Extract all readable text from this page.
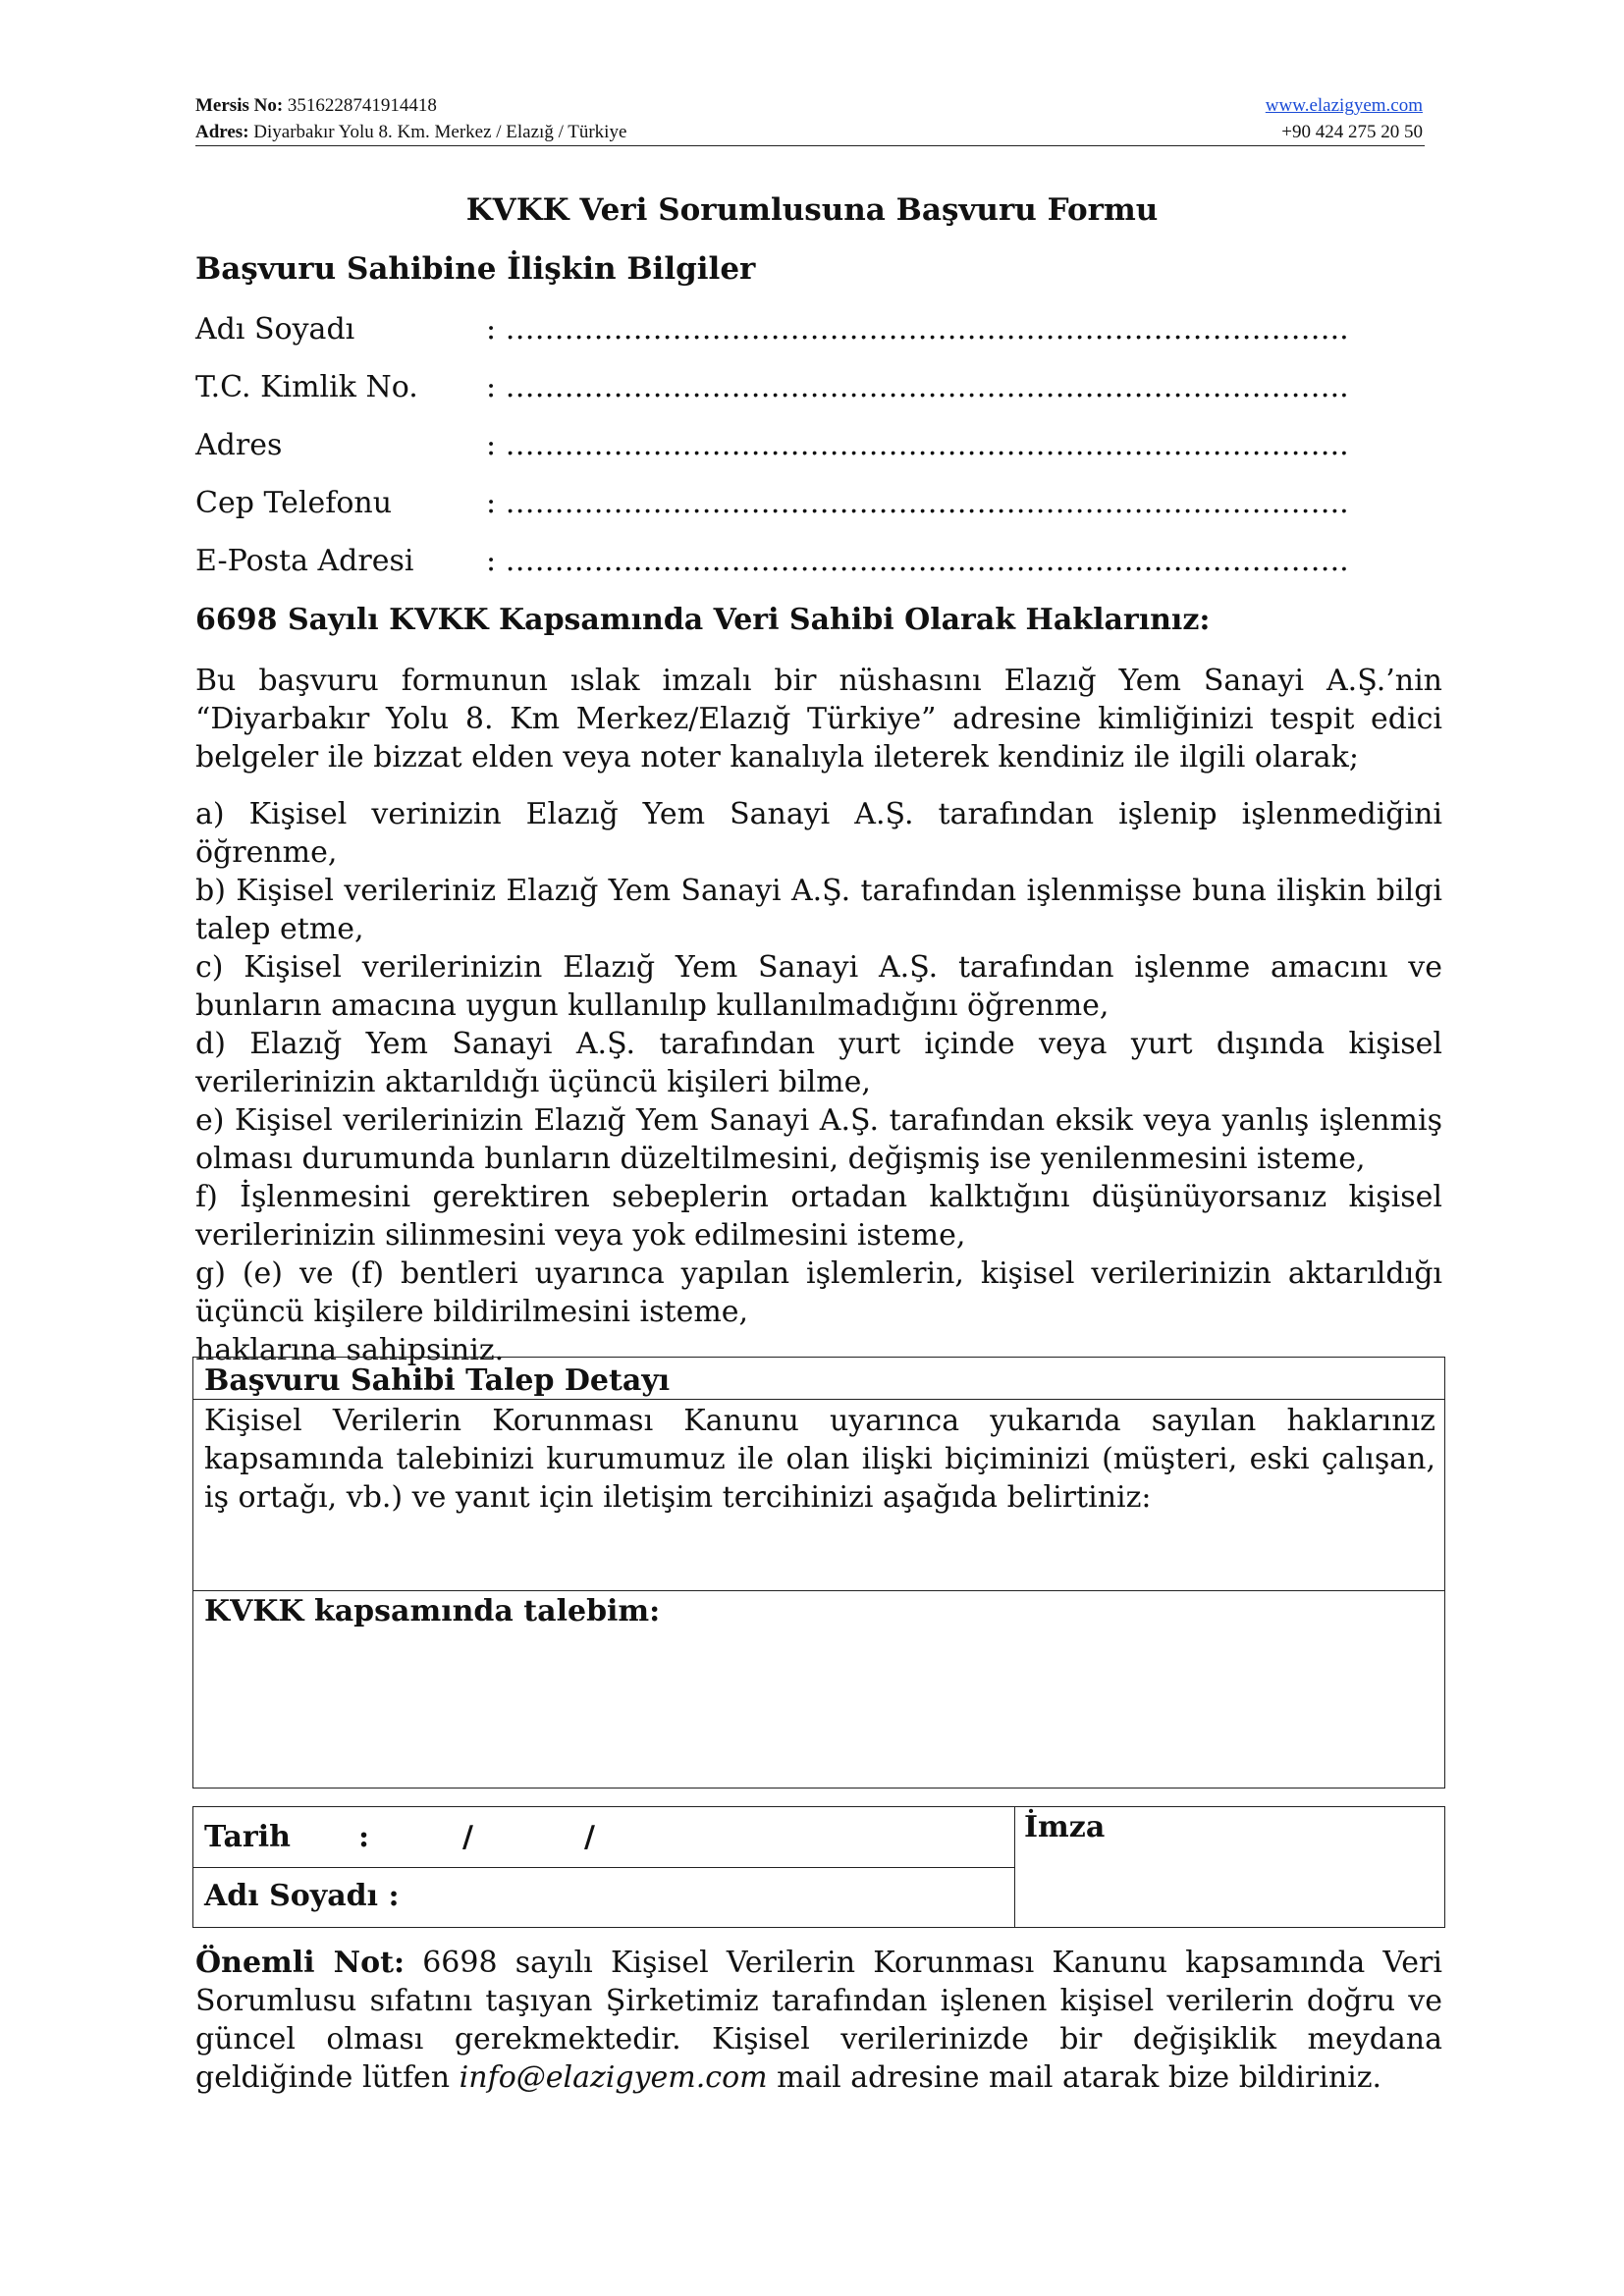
Mersis No: 3516228741914418	www.elazigyem.com
Adres: Diyarbakır Yolu 8. Km. Merkez / Elazığ / Türkiye	+90 424 275 20 50
KVKK Veri Sorumlusuna Başvuru Formu
Başvuru Sahibine İlişkin Bilgiler
Adı Soyadı	: …………………………………………………………………………..
T.C. Kimlik No. : …………………………………………………………………………..
Adres	: …………………………………………………………………………..
Cep Telefonu	: …………………………………………………………………………..
E-Posta Adresi : …………………………………………………………………………..
6698 Sayılı KVKK Kapsamında Veri Sahibi Olarak Haklarınız:

Bu başvuru formunun ıslak imzalı bir nüshasını Elazığ Yem Sanayi A.Ş.’nin “Diyarbakır Yolu 8. Km Merkez/Elazığ Türkiye” adresine kimliğinizi tespit edici belgeler ile bizzat elden veya noter kanalıyla ileterek kendiniz ile ilgili olarak;

a) Kişisel verinizin Elazığ Yem Sanayi A.Ş. tarafından işlenip işlenmediğini öğrenme,
b) Kişisel verileriniz Elazığ Yem Sanayi A.Ş. tarafından işlenmişse buna ilişkin bilgi talep etme,
c) Kişisel verilerinizin Elazığ Yem Sanayi A.Ş. tarafından işlenme amacını ve bunların amacına uygun kullanılıp kullanılmadığını öğrenme,
d) Elazığ Yem Sanayi A.Ş. tarafından yurt içinde veya yurt dışında kişisel verilerinizin aktarıldığı üçüncü kişileri bilme,
e) Kişisel verilerinizin Elazığ Yem Sanayi A.Ş. tarafından eksik veya yanlış işlenmiş olması durumunda bunların düzeltilmesini, değişmiş ise yenilenmesini isteme,
f) İşlenmesini gerektiren sebeplerin ortadan kalktığını düşünüyorsanız kişisel verilerinizin silinmesini veya yok edilmesini isteme,
g) (e) ve (f) bentleri uyarınca yapılan işlemlerin, kişisel verilerinizin aktarıldığı üçüncü kişilere bildirilmesini isteme,
haklarına sahipsiniz.
Başvuru Sahibi Talep Detayı
Kişisel Verilerin Korunması Kanunu uyarınca yukarıda sayılan haklarınız kapsamında talebinizi kurumumuz ile olan ilişki biçiminizi (müşteri, eski çalışan, iş ortağı, vb.) ve yanıt için iletişim tercihinizi aşağıda belirtiniz:
KVKK kapsamında talebim:
Tarih :	/	/
Adı Soyadı :
İmza
Önemli Not: 6698 sayılı Kişisel Verilerin Korunması Kanunu kapsamında Veri Sorumlusu sıfatını taşıyan Şirketimiz tarafından işlenen kişisel verilerin doğru ve güncel olması gerekmektedir. Kişisel verilerinizde bir değişiklik meydana geldiğinde lütfen info@elazigyem.com mail adresine mail atarak bize bildiriniz.
